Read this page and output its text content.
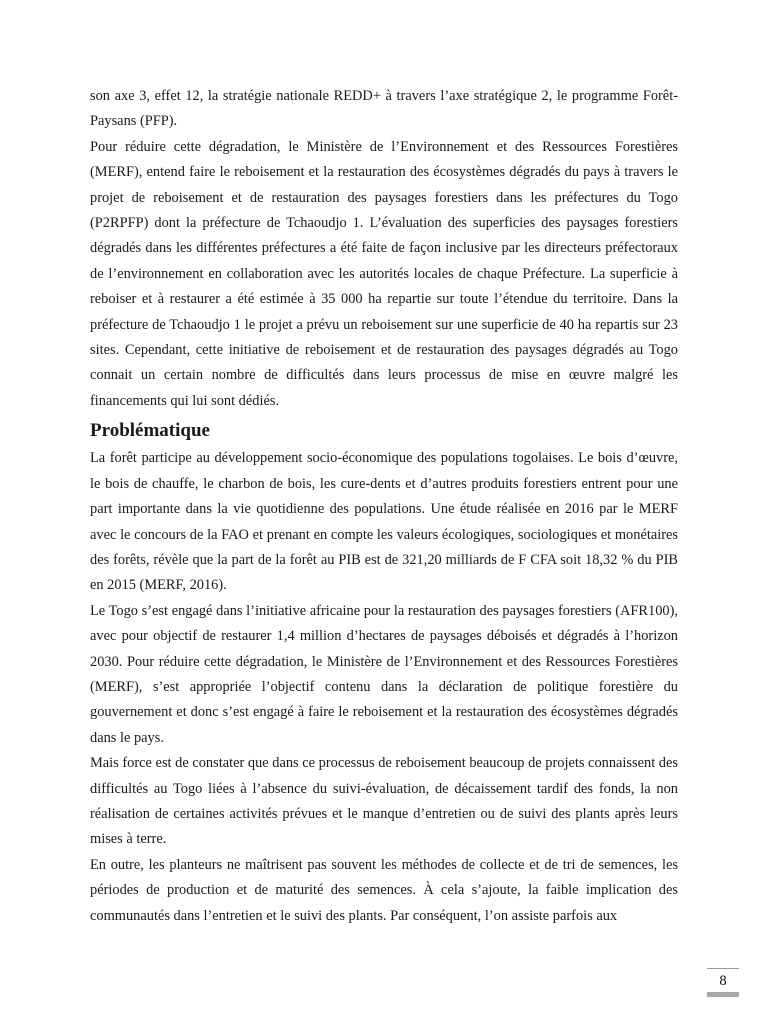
son axe 3, effet 12, la stratégie nationale REDD+ à travers l’axe stratégique 2, le programme Forêt-Paysans (PFP).

Pour réduire cette dégradation, le Ministère de l’Environnement et des Ressources Forestières (MERF), entend faire le reboisement et la restauration des écosystèmes dégradés du pays à travers le projet de reboisement et de restauration des paysages forestiers dans les préfectures du Togo (P2RPFP) dont la préfecture de Tchaoudjo 1. L’évaluation des superficies des paysages forestiers dégradés dans les différentes préfectures a été faite de façon inclusive par les directeurs préfectoraux de l’environnement en collaboration avec les autorités locales de chaque Préfecture. La superficie à reboiser et à restaurer a été estimée à 35 000 ha repartie sur toute l’étendue du territoire. Dans la préfecture de Tchaoudjo 1 le projet a prévu un reboisement sur une superficie de 40 ha repartis sur 23 sites. Cependant, cette initiative de reboisement et de restauration des paysages dégradés au Togo connait un certain nombre de difficultés dans leurs processus de mise en œuvre malgré les financements qui lui sont dédiés.

Problématique

La forêt participe au développement socio-économique des populations togolaises. Le bois d’œuvre, le bois de chauffe, le charbon de bois, les cure-dents et d’autres produits forestiers entrent pour une part importante dans la vie quotidienne des populations. Une étude réalisée en 2016 par le MERF avec le concours de la FAO et prenant en compte les valeurs écologiques, sociologiques et monétaires des forêts, révèle que la part de la forêt au PIB est de 321,20 milliards de F CFA soit 18,32 % du PIB en 2015 (MERF, 2016).

Le Togo s’est engagé dans l’initiative africaine pour la restauration des paysages forestiers (AFR100), avec pour objectif de restaurer 1,4 million d’hectares de paysages déboisés et dégradés à l’horizon 2030. Pour réduire cette dégradation, le Ministère de l’Environnement et des Ressources Forestières (MERF), s’est appropriée l’objectif contenu dans la déclaration de politique forestière du gouvernement et donc s’est engagé à faire le reboisement et la restauration des écosystèmes dégradés dans le pays.

Mais force est de constater que dans ce processus de reboisement beaucoup de projets connaissent des difficultés au Togo liées à l’absence du suivi-évaluation, de décaissement tardif des fonds, la non réalisation de certaines activités prévues et le manque d’entretien ou de suivi des plants après leurs mises à terre.

En outre, les planteurs ne maîtrisent pas souvent les méthodes de collecte et de tri de semences, les périodes de production et de maturité des semences. À cela s’ajoute, la faible implication des communautés dans l’entretien et le suivi des plants. Par conséquent, l’on assiste parfois aux

8
